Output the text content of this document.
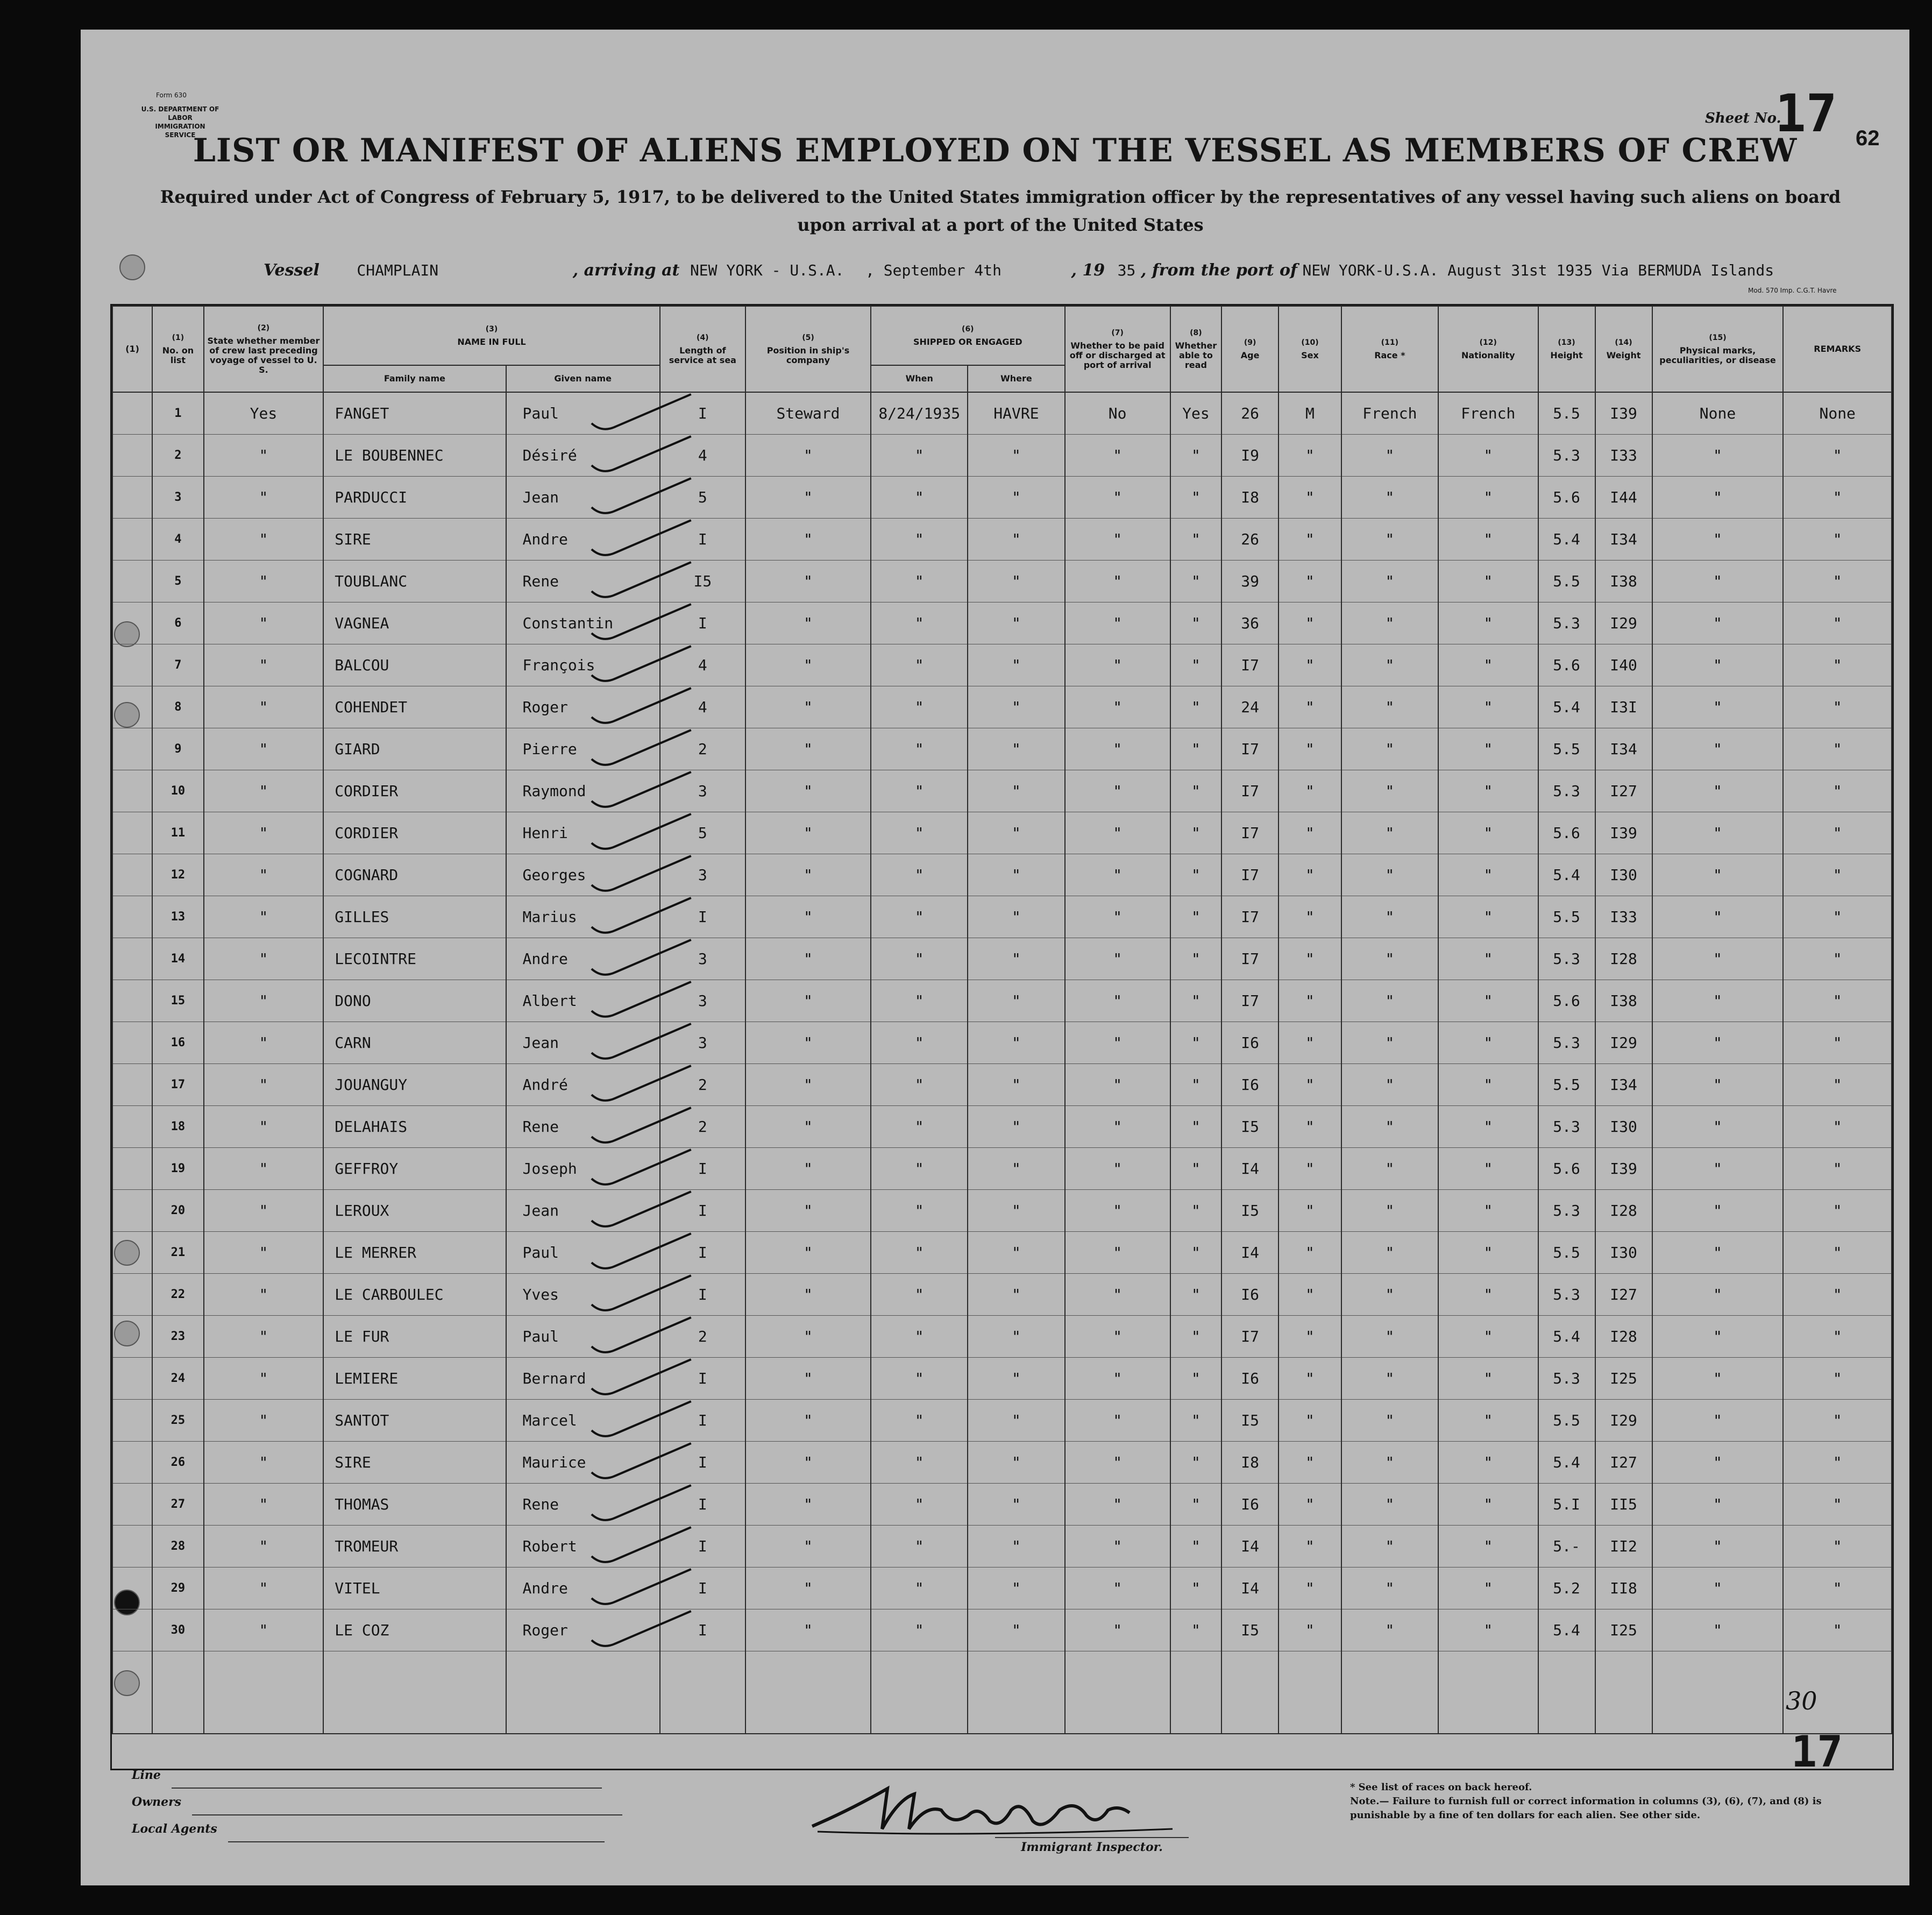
Form 630
U.S. DEPARTMENT OF LABOR
IMMIGRATION SERVICE
Sheet No.
17 62
LIST OR MANIFEST OF ALIENS EMPLOYED ON THE VESSEL AS MEMBERS OF CREW
Required under Act of Congress of February 5, 1917, to be delivered to the United States immigration officer by the representatives of any vessel having such aliens on board upon arrival at a port of the United States
Vessel CHAMPLAIN	, arriving at NEW YORK - U.S.A. , September 4th	, 19 35 , from the port of NEW YORK-U.S.A. August 31st 1935 Via BERMUDA Islands
Mod. 570 Imp. C.G.T. Havre
(1)	(1)
No. on list	(2)
State whether member of crew last preceding voyage of vessel to U. S.	(3)
NAME IN FULL		(4)
Length of service at sea	(5)
Position in ship's company	(6)
SHIPPED OR ENGAGED		(7)
Whether to be paid off or discharged at port of arrival	(8)
Whether able to read	(9)
Age	(10)
Sex	(11)
Race *	(12)
Nationality	(13)
Height	(14)
Weight	(15)
Physical marks, peculiarities, or disease	REMARKS
			Family name	Given name			When	Where										
	1	Yes	FANGET	Paul	I	Steward	8/24/1935	HAVRE	No	Yes	26	M	French	French	5.5	I39	None	None
	2	"	LE BOUBENNEC	Désiré	4	"	"	"	"	"	I9	"	"	"	5.3	I33	"	"
	3	"	PARDUCCI	Jean	5	"	"	"	"	"	I8	"	"	"	5.6	I44	"	"
	4	"	SIRE	Andre	I	"	"	"	"	"	26	"	"	"	5.4	I34	"	"
	5	"	TOUBLANC	Rene	I5	"	"	"	"	"	39	"	"	"	5.5	I38	"	"
	6	"	VAGNEA	Constantin	I	"	"	"	"	"	36	"	"	"	5.3	I29	"	"
	7	"	BALCOU	François	4	"	"	"	"	"	I7	"	"	"	5.6	I40	"	"
	8	"	COHENDET	Roger	4	"	"	"	"	"	24	"	"	"	5.4	I3I	"	"
	9	"	GIARD	Pierre	2	"	"	"	"	"	I7	"	"	"	5.5	I34	"	"
	10	"	CORDIER	Raymond	3	"	"	"	"	"	I7	"	"	"	5.3	I27	"	"
	11	"	CORDIER	Henri	5	"	"	"	"	"	I7	"	"	"	5.6	I39	"	"
	12	"	COGNARD	Georges	3	"	"	"	"	"	I7	"	"	"	5.4	I30	"	"
	13	"	GILLES	Marius	I	"	"	"	"	"	I7	"	"	"	5.5	I33	"	"
	14	"	LECOINTRE	Andre	3	"	"	"	"	"	I7	"	"	"	5.3	I28	"	"
	15	"	DONO	Albert	3	"	"	"	"	"	I7	"	"	"	5.6	I38	"	"
	16	"	CARN	Jean	3	"	"	"	"	"	I6	"	"	"	5.3	I29	"	"
	17	"	JOUANGUY	André	2	"	"	"	"	"	I6	"	"	"	5.5	I34	"	"
	18	"	DELAHAIS	Rene	2	"	"	"	"	"	I5	"	"	"	5.3	I30	"	"
	19	"	GEFFROY	Joseph	I	"	"	"	"	"	I4	"	"	"	5.6	I39	"	"
	20	"	LEROUX	Jean	I	"	"	"	"	"	I5	"	"	"	5.3	I28	"	"
	21	"	LE MERRER	Paul	I	"	"	"	"	"	I4	"	"	"	5.5	I30	"	"
	22	"	LE CARBOULEC	Yves	I	"	"	"	"	"	I6	"	"	"	5.3	I27	"	"
	23	"	LE FUR	Paul	2	"	"	"	"	"	I7	"	"	"	5.4	I28	"	"
	24	"	LEMIERE	Bernard	I	"	"	"	"	"	I6	"	"	"	5.3	I25	"	"
	25	"	SANTOT	Marcel	I	"	"	"	"	"	I5	"	"	"	5.5	I29	"	"
	26	"	SIRE	Maurice	I	"	"	"	"	"	I8	"	"	"	5.4	I27	"	"
	27	"	THOMAS	Rene	I	"	"	"	"	"	I6	"	"	"	5.I	II5	"	"
	28	"	TROMEUR	Robert	I	"	"	"	"	"	I4	"	"	"	5.-	II2	"	"
	29	"	VITEL	Andre	I	"	"	"	"	"	I4	"	"	"	5.2	II8	"	"
	30	"	LE COZ	Roger	I	"	"	"	"	"	I5	"	"	"	5.4	I25	"	"

30
17
Line
Owners
Local Agents
Immigrant Inspector.
* See list of races on back hereof.
Note.— Failure to furnish full or correct information in columns (3), (6), (7), and (8) is punishable by a fine of ten dollars for each alien. See other side.
